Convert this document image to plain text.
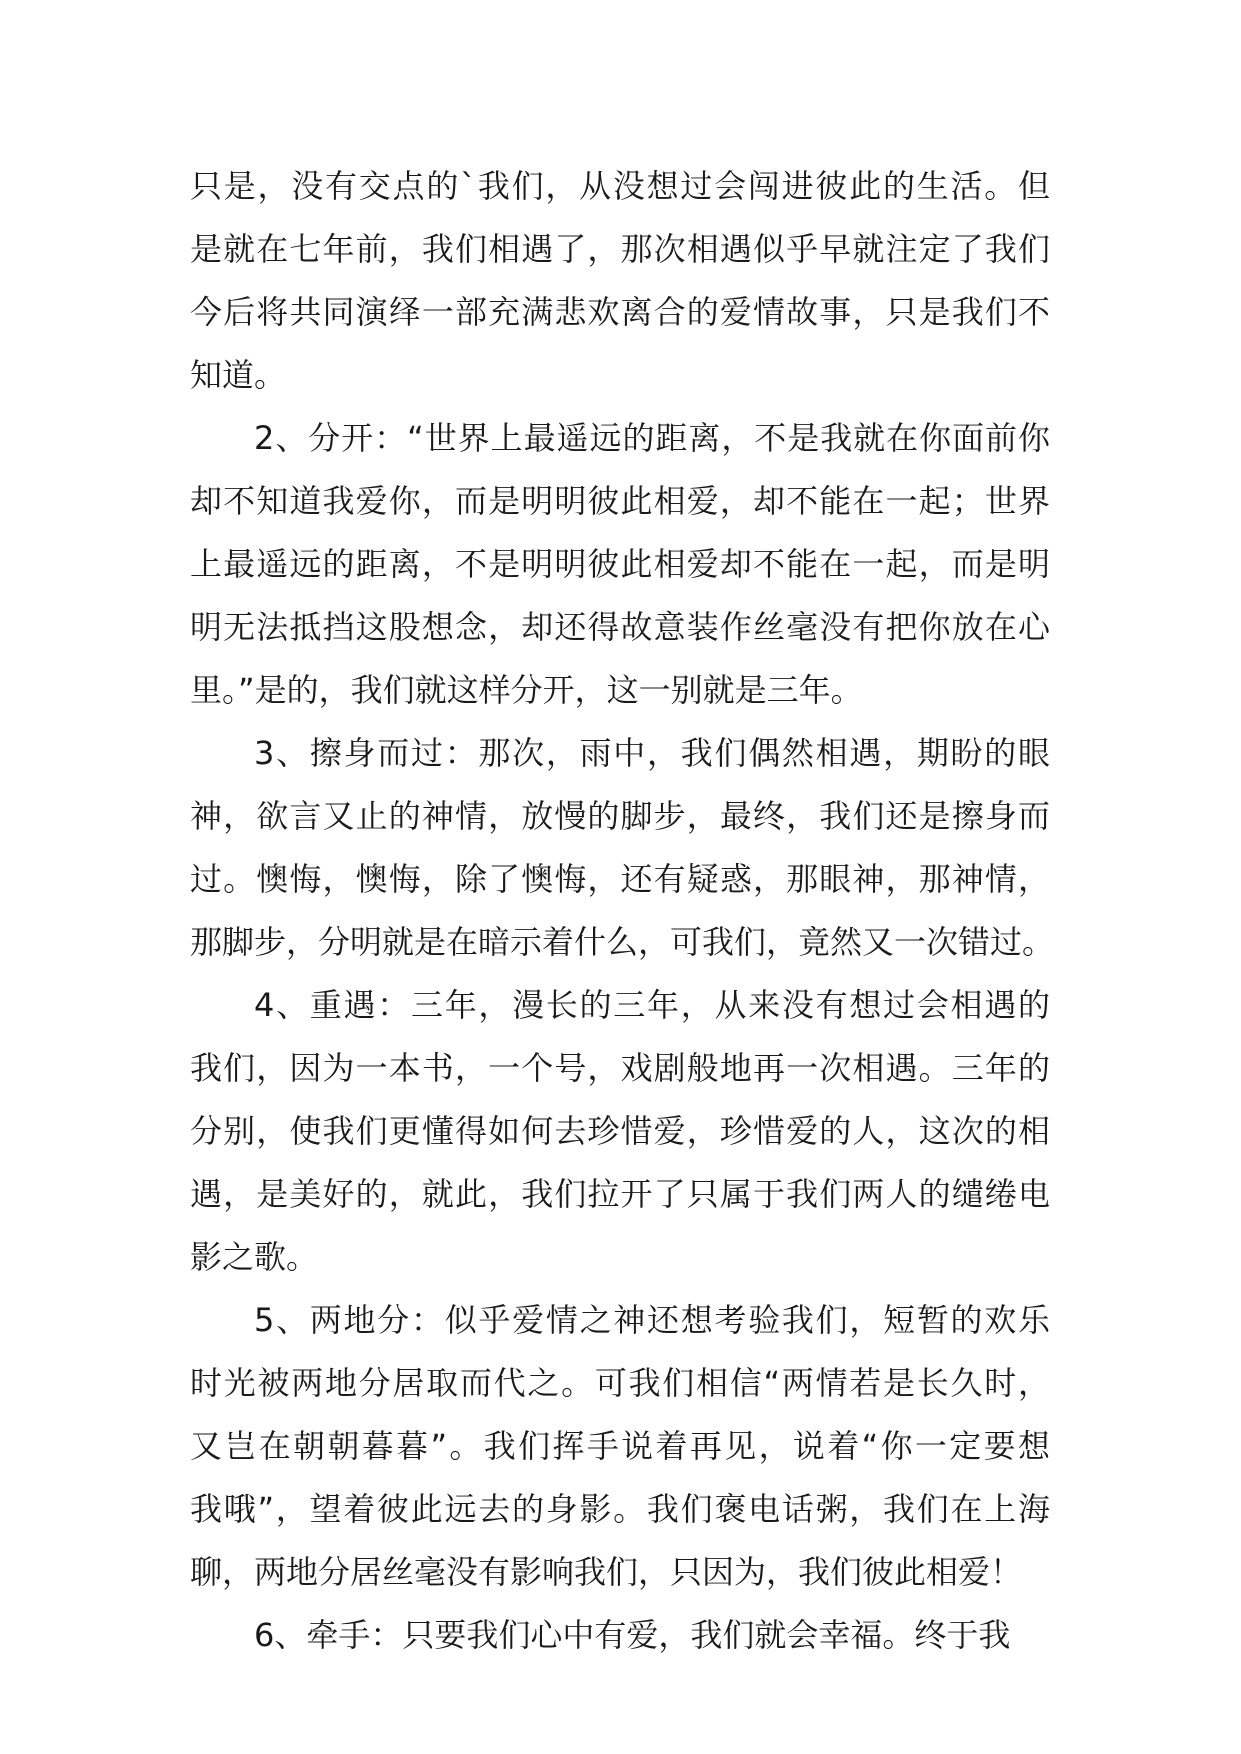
只是，没有交点的`我们，从没想过会闯进彼此的生活。但
是就在七年前，我们相遇了，那次相遇似乎早就注定了我们
今后将共同演绎一部充满悲欢离合的爱情故事，只是我们不
知道。
2、分开：“世界上最遥远的距离，不是我就在你面前你
却不知道我爱你，而是明明彼此相爱，却不能在一起；世界
上最遥远的距离，不是明明彼此相爱却不能在一起，而是明
明无法抵挡这股想念，却还得故意装作丝毫没有把你放在心
里。”是的，我们就这样分开，这一别就是三年。
3、擦身而过：那次，雨中，我们偶然相遇，期盼的眼
神，欲言又止的神情，放慢的脚步，最终，我们还是擦身而
过。懊悔，懊悔，除了懊悔，还有疑惑，那眼神，那神情，
那脚步，分明就是在暗示着什么，可我们，竟然又一次错过。
4、重遇：三年，漫长的三年，从来没有想过会相遇的
我们，因为一本书，一个号，戏剧般地再一次相遇。三年的
分别，使我们更懂得如何去珍惜爱，珍惜爱的人，这次的相
遇，是美好的，就此，我们拉开了只属于我们两人的缱绻电
影之歌。
5、两地分：似乎爱情之神还想考验我们，短暂的欢乐
时光被两地分居取而代之。可我们相信“两情若是长久时，
又岂在朝朝暮暮”。我们挥手说着再见，说着“你一定要想
我哦”，望着彼此远去的身影。我们褒电话粥，我们在上海
聊，两地分居丝毫没有影响我们，只因为，我们彼此相爱！
6、牵手：只要我们心中有爱，我们就会幸福。终于我
